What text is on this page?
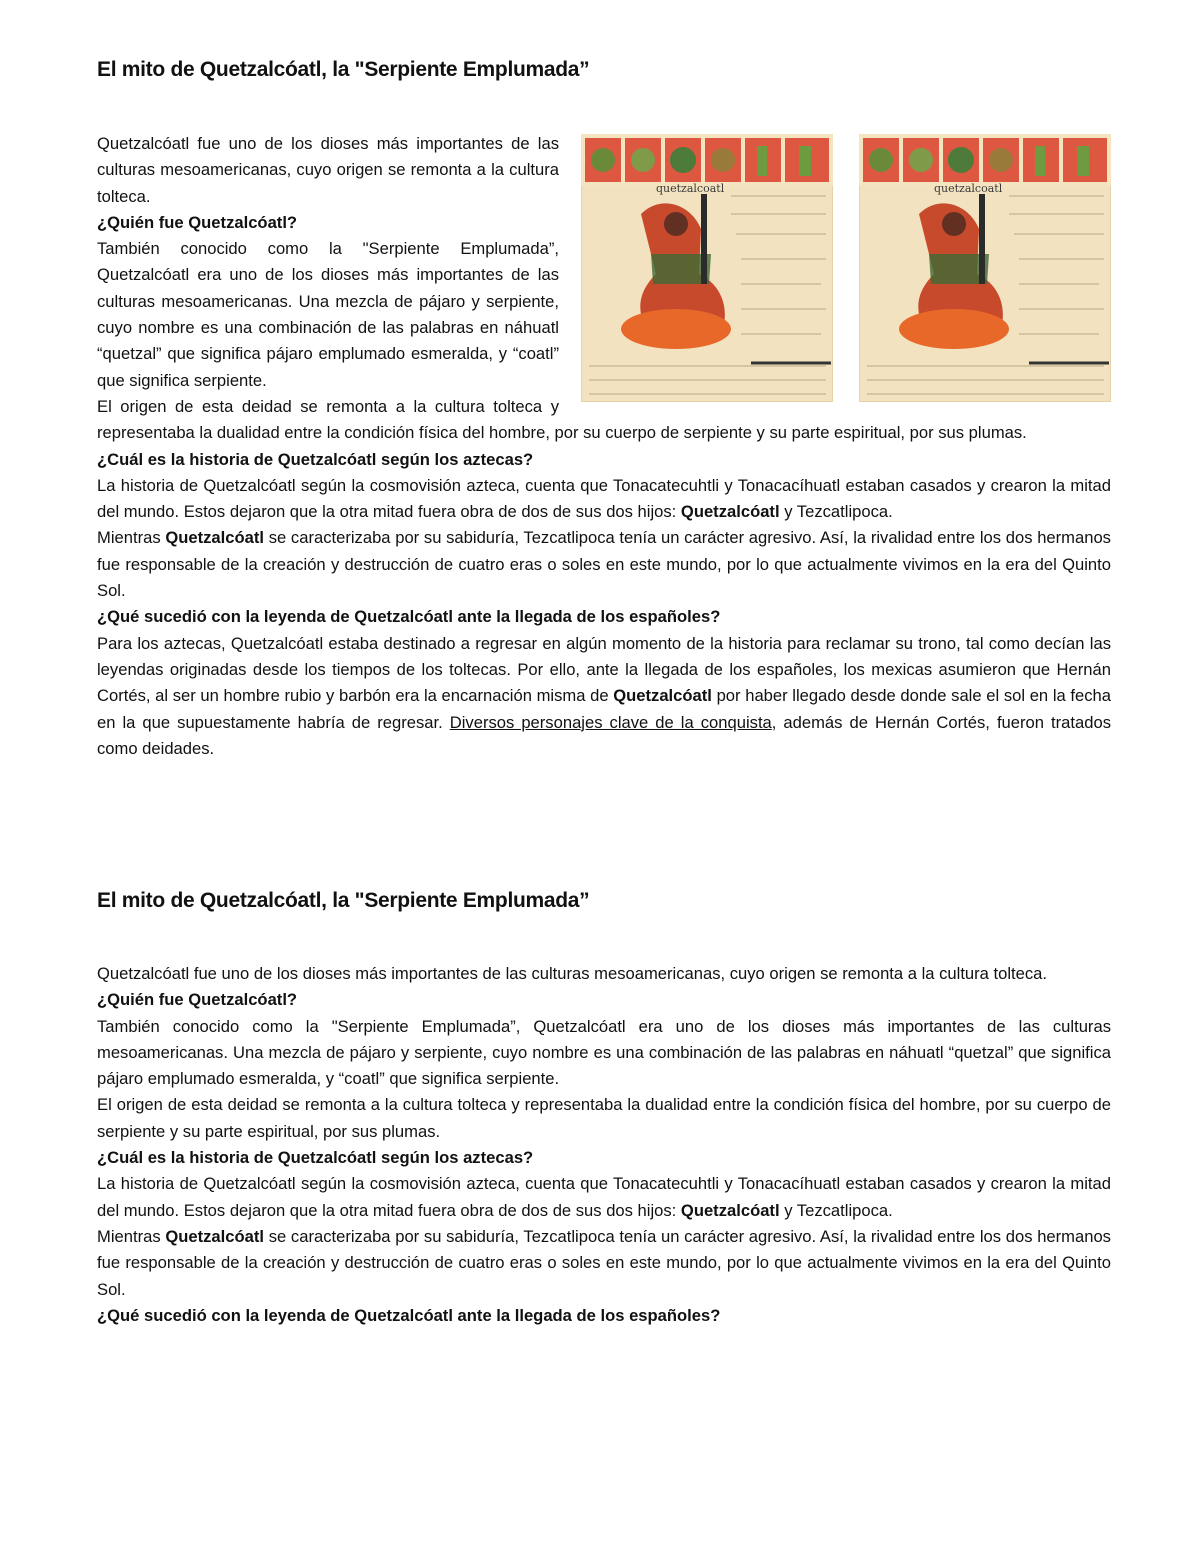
El mito de Quetzalcóatl, la "Serpiente Emplumada”
quetzalcoatl	quetzalcoatl

Quetzalcóatl fue uno de los dioses más importantes de las culturas mesoamericanas, cuyo origen se remonta a la cultura tolteca.

¿Quién fue Quetzalcóatl?

También conocido como la "Serpiente Emplumada”, Quetzalcóatl era uno de los dioses más importantes de las culturas mesoamericanas. Una mezcla de pájaro y serpiente, cuyo nombre es una combinación de las palabras en náhuatl “quetzal” que significa pájaro emplumado esmeralda, y “coatl” que significa serpiente.

El origen de esta deidad se remonta a la cultura tolteca y representaba la dualidad entre la condición física del hombre, por su cuerpo de serpiente y su parte espiritual, por sus plumas.

¿Cuál es la historia de Quetzalcóatl según los aztecas?

La historia de Quetzalcóatl según la cosmovisión azteca, cuenta que Tonacatecuhtli y Tonacacíhuatl estaban casados y crearon la mitad del mundo. Estos dejaron que la otra mitad fuera obra de dos de sus dos hijos: Quetzalcóatl y Tezcatlipoca.

Mientras Quetzalcóatl se caracterizaba por su sabiduría, Tezcatlipoca tenía un carácter agresivo. Así, la rivalidad entre los dos hermanos fue responsable de la creación y destrucción de cuatro eras o soles en este mundo, por lo que actualmente vivimos en la era del Quinto Sol.

¿Qué sucedió con la leyenda de Quetzalcóatl ante la llegada de los españoles?

Para los aztecas, Quetzalcóatl estaba destinado a regresar en algún momento de la historia para reclamar su trono, tal como decían las leyendas originadas desde los tiempos de los toltecas. Por ello, ante la llegada de los españoles, los mexicas asumieron que Hernán Cortés, al ser un hombre rubio y barbón era la encarnación misma de Quetzalcóatl por haber llegado desde donde sale el sol en la fecha en la que supuestamente habría de regresar. Diversos personajes clave de la conquista, además de Hernán Cortés, fueron tratados como deidades.

El mito de Quetzalcóatl, la "Serpiente Emplumada”

Quetzalcóatl fue uno de los dioses más importantes de las culturas mesoamericanas, cuyo origen se remonta a la cultura tolteca.

¿Quién fue Quetzalcóatl?

También conocido como la "Serpiente Emplumada”, Quetzalcóatl era uno de los dioses más importantes de las culturas mesoamericanas. Una mezcla de pájaro y serpiente, cuyo nombre es una combinación de las palabras en náhuatl “quetzal” que significa pájaro emplumado esmeralda, y “coatl” que significa serpiente.

El origen de esta deidad se remonta a la cultura tolteca y representaba la dualidad entre la condición física del hombre, por su cuerpo de serpiente y su parte espiritual, por sus plumas.

¿Cuál es la historia de Quetzalcóatl según los aztecas?

La historia de Quetzalcóatl según la cosmovisión azteca, cuenta que Tonacatecuhtli y Tonacacíhuatl estaban casados y crearon la mitad del mundo. Estos dejaron que la otra mitad fuera obra de dos de sus dos hijos: Quetzalcóatl y Tezcatlipoca.

Mientras Quetzalcóatl se caracterizaba por su sabiduría, Tezcatlipoca tenía un carácter agresivo. Así, la rivalidad entre los dos hermanos fue responsable de la creación y destrucción de cuatro eras o soles en este mundo, por lo que actualmente vivimos en la era del Quinto Sol.

¿Qué sucedió con la leyenda de Quetzalcóatl ante la llegada de los españoles?
